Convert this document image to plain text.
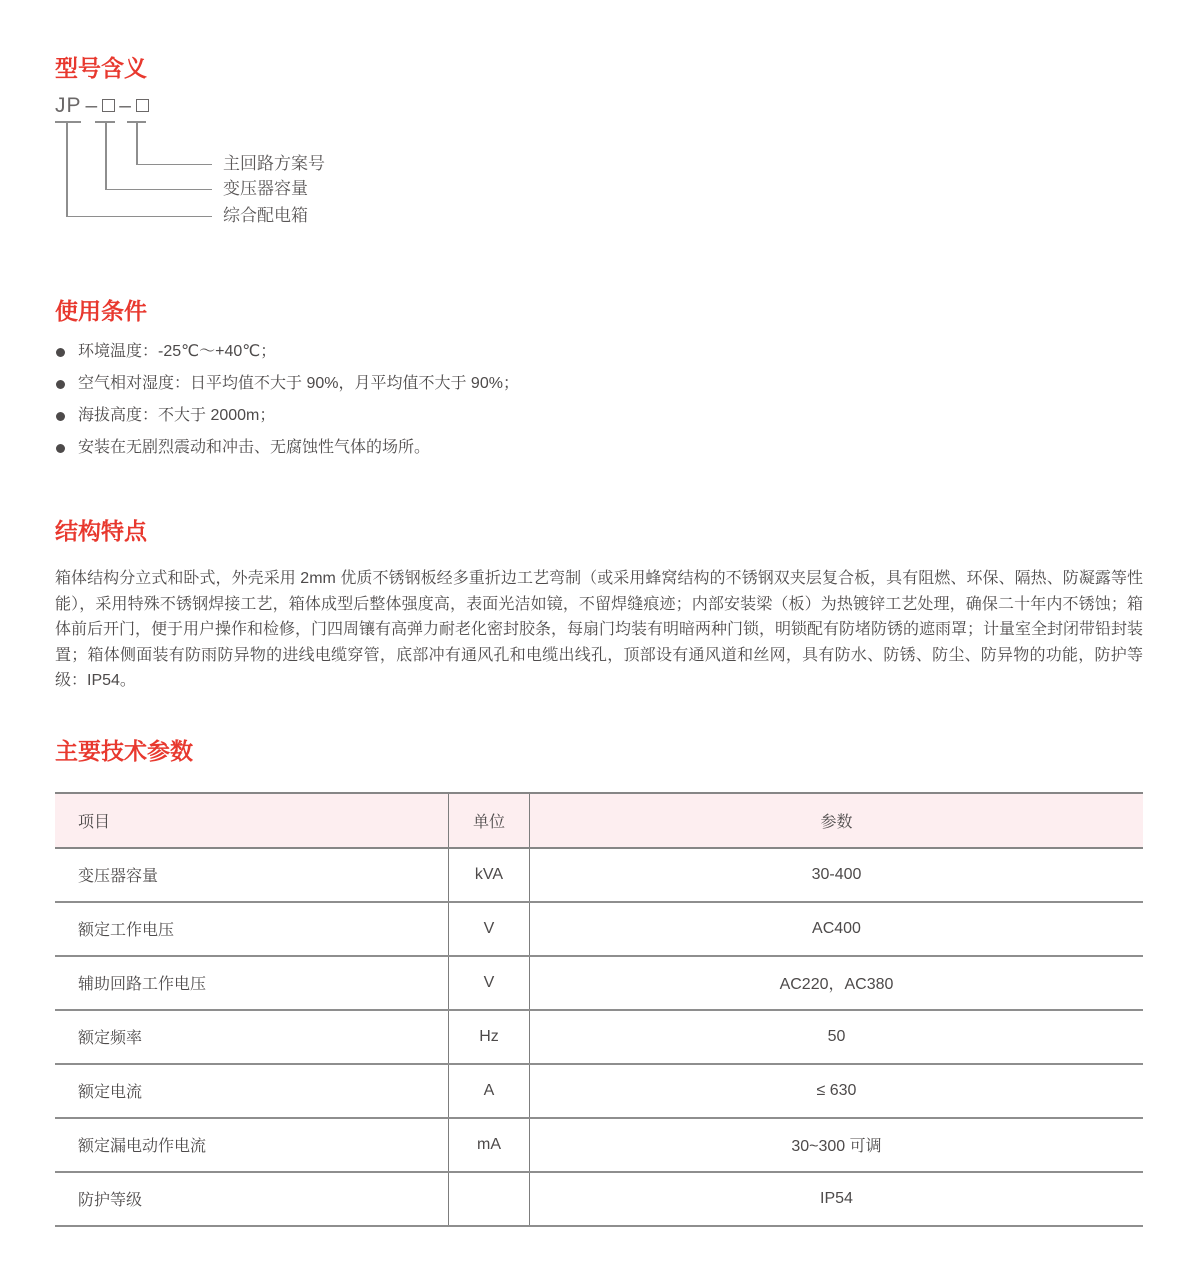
型号含义
JP – –
主回路方案号
变压器容量
综合配电箱
使用条件
环境温度：-25℃～+40℃；
空气相对湿度：日平均值不大于 90%，月平均值不大于 90%；
海拔高度：不大于 2000m；
安装在无剧烈震动和冲击、无腐蚀性气体的场所。
结构特点

箱体结构分立式和卧式，外壳采用 2mm 优质不锈钢板经多重折边工艺弯制（或采用蜂窝结构的不锈钢双夹层复合板，具有阻燃、环保、隔热、防凝露等性能），采用特殊不锈钢焊接工艺，箱体成型后整体强度高，表面光洁如镜，不留焊缝痕迹；内部安装梁（板）为热镀锌工艺处理，确保二十年内不锈蚀；箱体前后开门，便于用户操作和检修，门四周镶有高弹力耐老化密封胶条，每扇门均装有明暗两种门锁，明锁配有防堵防锈的遮雨罩；计量室全封闭带铅封装置；箱体侧面装有防雨防异物的进线电缆穿管，底部冲有通风孔和电缆出线孔，顶部设有通风道和丝网，具有防水、防锈、防尘、防异物的功能，防护等级：IP54。

主要技术参数
项目	单位	参数
变压器容量	kVA	30-400
额定工作电压	V	AC400
辅助回路工作电压	V	AC220，AC380
额定频率	Hz	50
额定电流	A	≤ 630
额定漏电动作电流	mA	30~300 可调
防护等级		IP54
